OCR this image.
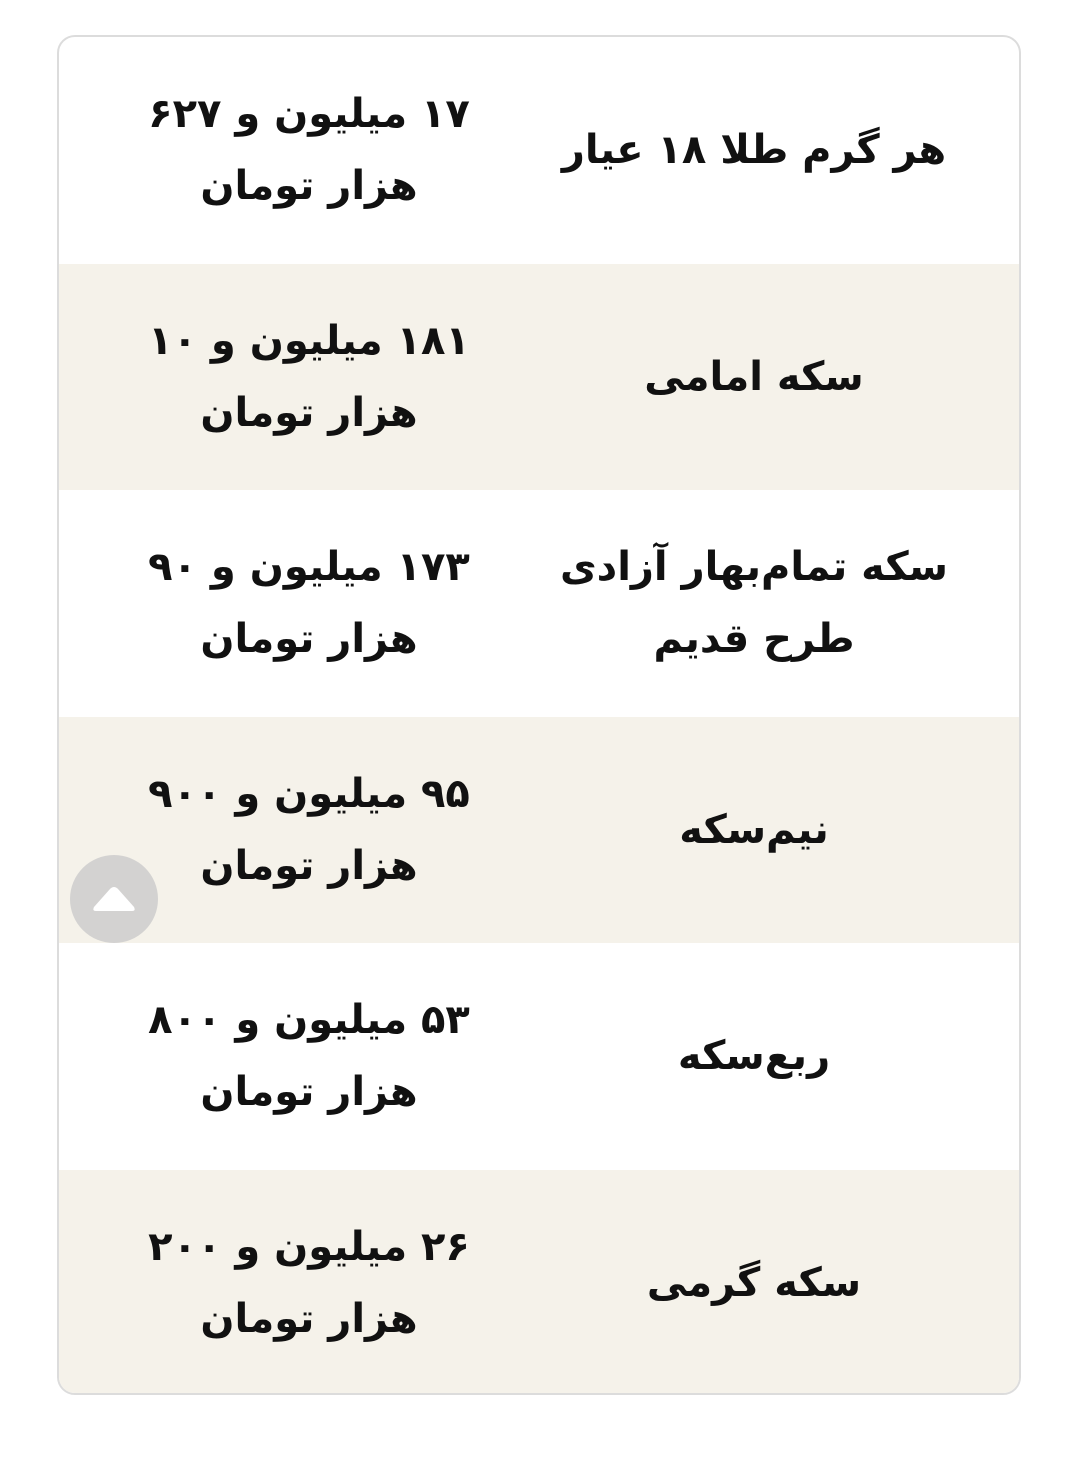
هر گرم طلا ۱۸ عیار
۱۷ میلیون و ۶۲۷ هزار تومان
سکه امامی
۱۸۱ میلیون و ۱۰ هزار تومان
سکه تمام‌بهار آزادی طرح قدیم
۱۷۳ میلیون و ۹۰ هزار تومان
نیم‌سکه
۹۵ میلیون و ۹۰۰ هزار تومان
ربع‌سکه
۵۳ میلیون و ۸۰۰ هزار تومان
سکه گرمی
۲۶ میلیون و ۲۰۰ هزار تومان
